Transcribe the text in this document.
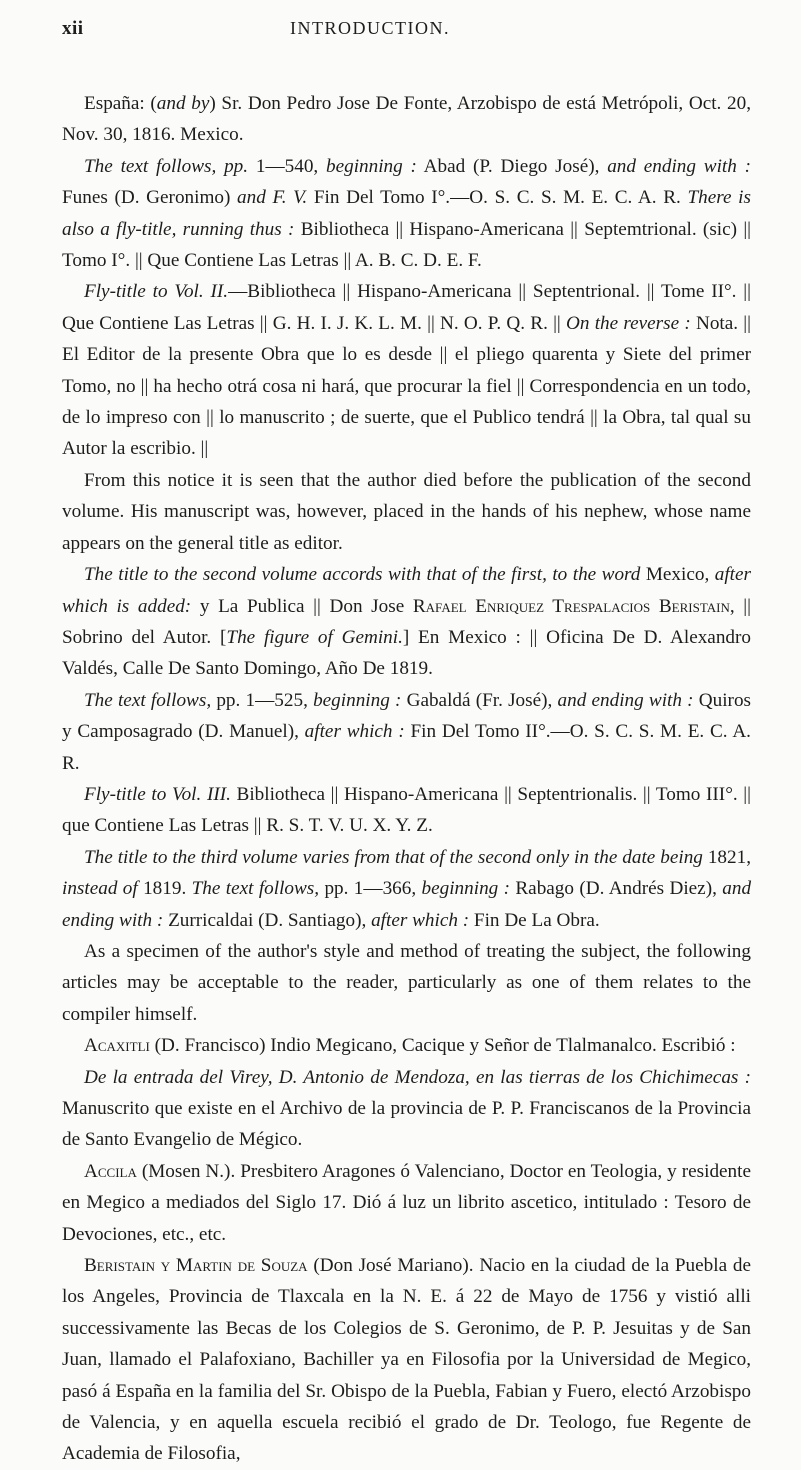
xii	INTRODUCTION.

España: (and by) Sr. Don Pedro Jose De Fonte, Arzobispo de está Metrópoli, Oct. 20, Nov. 30, 1816. Mexico.

The text follows, pp. 1—540, beginning : Abad (P. Diego José), and ending with : Funes (D. Geronimo) and F. V. Fin Del Tomo I°.—O. S. C. S. M. E. C. A. R. There is also a fly-title, running thus : Bibliotheca || Hispano-Americana || Septemtrional. (sic) || Tomo I°. || Que Contiene Las Letras || A. B. C. D. E. F.

Fly-title to Vol. II.—Bibliotheca || Hispano-Americana || Septentrional. || Tome II°. || Que Contiene Las Letras || G. H. I. J. K. L. M. || N. O. P. Q. R. || On the reverse : Nota. || El Editor de la presente Obra que lo es desde || el pliego quarenta y Siete del primer Tomo, no || ha hecho otrá cosa ni hará, que procurar la fiel || Correspondencia en un todo, de lo impreso con || lo manuscrito ; de suerte, que el Publico tendrá || la Obra, tal qual su Autor la escribio. ||

From this notice it is seen that the author died before the publication of the second volume. His manuscript was, however, placed in the hands of his nephew, whose name appears on the general title as editor.

The title to the second volume accords with that of the first, to the word Mexico, after which is added: y La Publica || Don Jose Rafael Enriquez Trespalacios Beristain, || Sobrino del Autor. [The figure of Gemini.] En Mexico : || Oficina De D. Alexandro Valdés, Calle De Santo Domingo, Año De 1819.

The text follows, pp. 1—525, beginning : Gabaldá (Fr. José), and ending with : Quiros y Camposagrado (D. Manuel), after which : Fin Del Tomo II°.—O. S. C. S. M. E. C. A. R.

Fly-title to Vol. III. Bibliotheca || Hispano-Americana || Septentrionalis. || Tomo III°. || que Contiene Las Letras || R. S. T. V. U. X. Y. Z.

The title to the third volume varies from that of the second only in the date being 1821, instead of 1819. The text follows, pp. 1—366, beginning : Rabago (D. Andrés Diez), and ending with : Zurricaldai (D. Santiago), after which : Fin De La Obra.

As a specimen of the author's style and method of treating the subject, the following articles may be acceptable to the reader, particularly as one of them relates to the compiler himself.

Acaxitli (D. Francisco) Indio Megicano, Cacique y Señor de Tlalmanalco. Escribió :

De la entrada del Virey, D. Antonio de Mendoza, en las tierras de los Chichimecas : Manuscrito que existe en el Archivo de la provincia de P. P. Franciscanos de la Provincia de Santo Evangelio de Mégico.

Accila (Mosen N.). Presbitero Aragones ó Valenciano, Doctor en Teologia, y residente en Megico a mediados del Siglo 17. Dió á luz un librito ascetico, intitulado : Tesoro de Devociones, etc., etc.

Beristain y Martin de Souza (Don José Mariano). Nacio en la ciudad de la Puebla de los Angeles, Provincia de Tlaxcala en la N. E. á 22 de Mayo de 1756 y vistió alli successivamente las Becas de los Colegios de S. Geronimo, de P. P. Jesuitas y de San Juan, llamado el Palafoxiano, Bachiller ya en Filosofia por la Universidad de Megico, pasó á España en la familia del Sr. Obispo de la Puebla, Fabian y Fuero, electó Arzobispo de Valencia, y en aquella escuela recibió el grado de Dr. Teologo, fue Regente de Academia de Filosofia,
